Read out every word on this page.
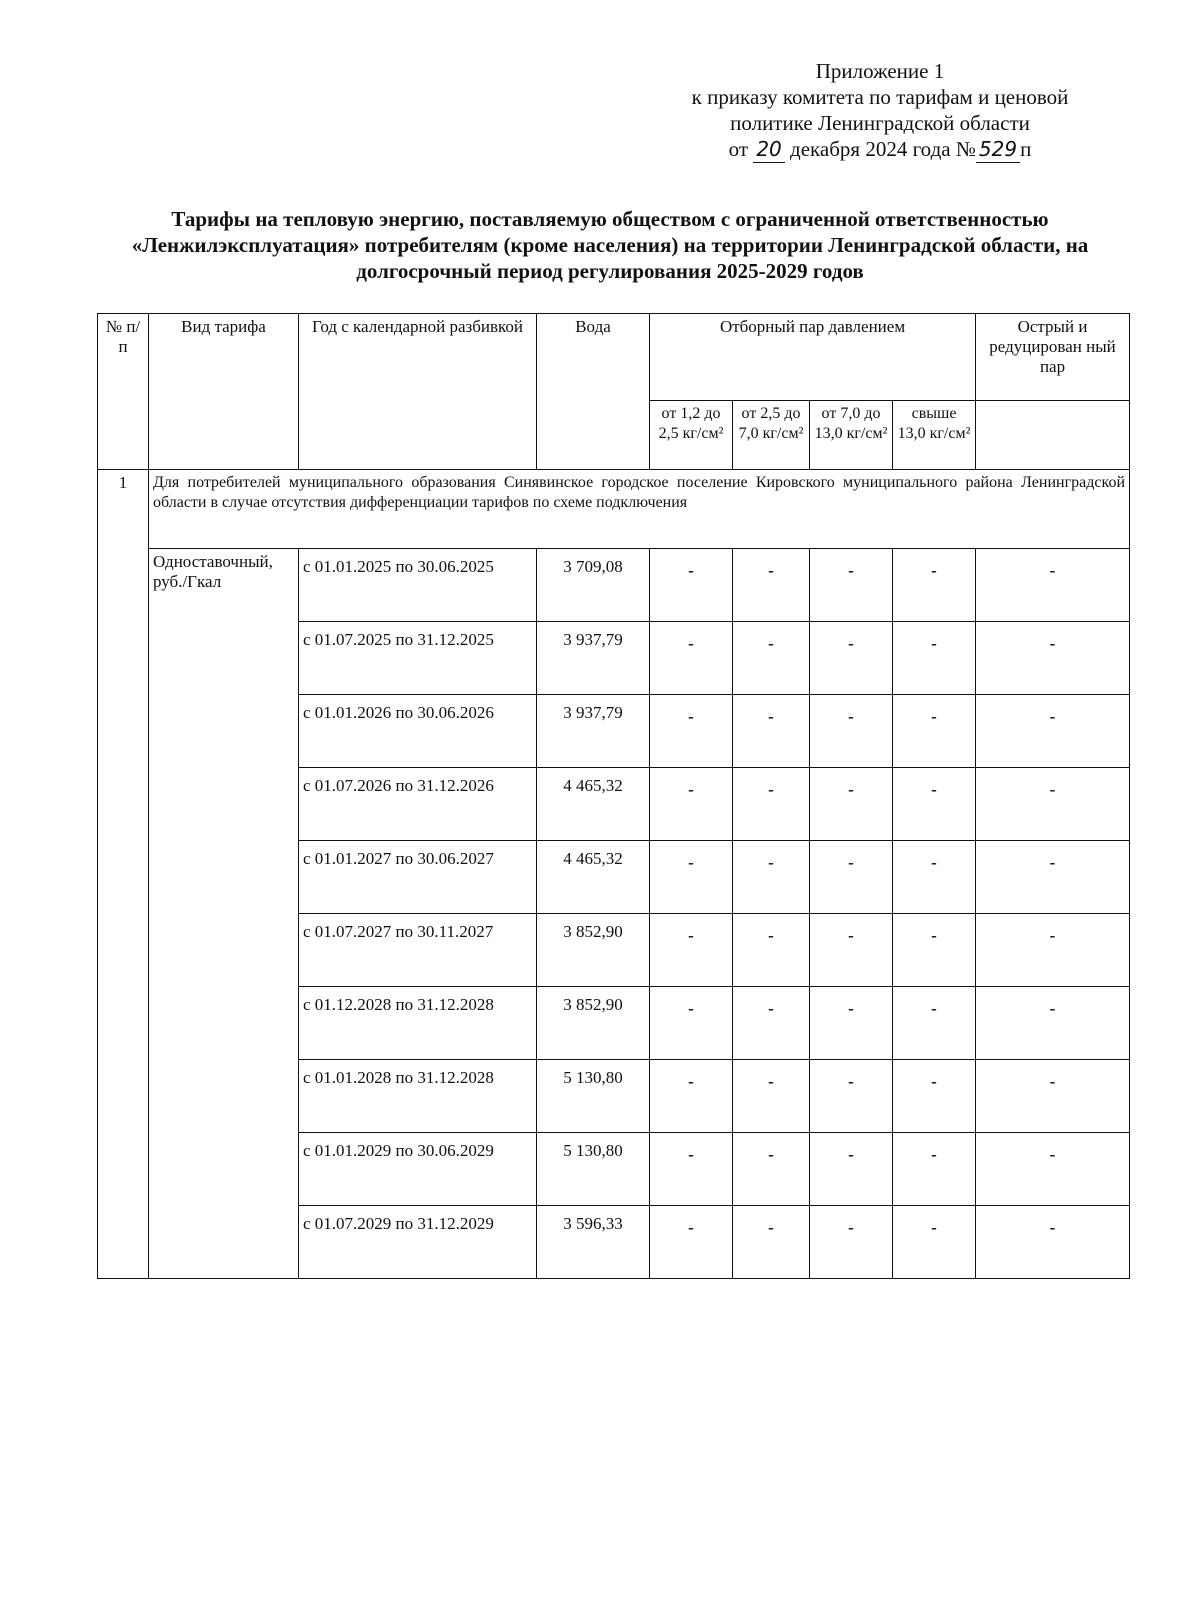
Приложение 1
к приказу комитета по тарифам и ценовой
политике Ленинградской области
от 20 декабря 2024 года № 529 п
Тарифы на тепловую энергию, поставляемую обществом с ограниченной ответственностью «Ленжилэксплуатация» потребителям (кроме населения) на территории Ленинградской области, на долгосрочный период регулирования 2025-2029 годов
№ п/п	Вид тарифа	Год с календарной разбивкой	Вода	Отборный пар давлением				Острый и редуцирован ный пар
				от 1,2 до 2,5 кг/см²	от 2,5 до 7,0 кг/см²	от 7,0 до 13,0 кг/см²	свыше 13,0 кг/см²	
1	Для потребителей муниципального образования Синявинское городское поселение Кировского муниципального района Ленинградской области в случае отсутствия дифференциации тарифов по схеме подключения							
	Одноставочный, руб./Гкал	с 01.01.2025 по 30.06.2025	3 709,08	-	-	-	-	-
		с 01.07.2025 по 31.12.2025	3 937,79	-	-	-	-	-
		с 01.01.2026 по 30.06.2026	3 937,79	-	-	-	-	-
		с 01.07.2026 по 31.12.2026	4 465,32	-	-	-	-	-
		с 01.01.2027 по 30.06.2027	4 465,32	-	-	-	-	-
		с 01.07.2027 по 30.11.2027	3 852,90	-	-	-	-	-
		с 01.12.2028 по 31.12.2028	3 852,90	-	-	-	-	-
		с 01.01.2028 по 31.12.2028	5 130,80	-	-	-	-	-
		с 01.01.2029 по 30.06.2029	5 130,80	-	-	-	-	-
		с 01.07.2029 по 31.12.2029	3 596,33	-	-	-	-	-
